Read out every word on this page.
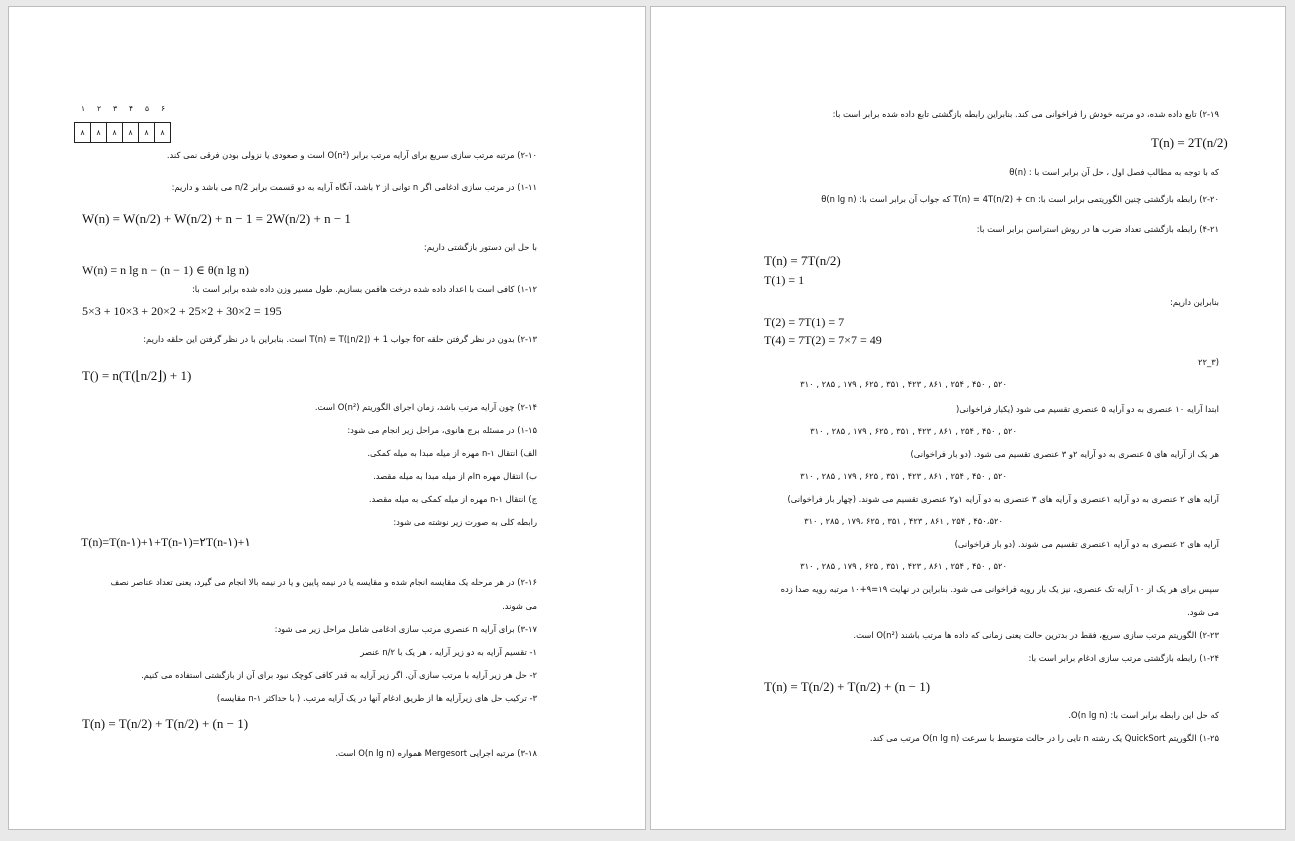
۱ ۲ ۳ ۴ ۵ ۶
۸	۸	۸	۸	۸	۸
۲-۱۰) مرتبه مرتب سازی سریع برای آرایه مرتب برابر O(n²) است و صعودی یا نزولی بودن فرقی نمی کند.
۱-۱۱) در مرتب سازی ادغامی اگر n توانی از ۲ باشد، آنگاه آرایه به دو قسمت برابر n/2 می باشد و داریم:
W(n) = W(n/2) + W(n/2) + n − 1 = 2W(n/2) + n − 1
با حل این دستور بازگشتی داریم:
W(n) = n lg n − (n − 1) ∈ θ(n lg n)
۱-۱۲) کافی است با اعداد داده شده درخت هافمن بسازیم. طول مسیر وزن داده شده برابر است با:
5×3 + 10×3 + 20×2 + 25×2 + 30×2 = 195
۲-۱۳) بدون در نظر گرفتن حلقه for جواب T(n) = T(⌊n/2⌋) + 1 است. بنابراین با در نظر گرفتن این حلقه داریم:
T() = n(T(⌊n/2⌋) + 1)
۲-۱۴) چون آرایه مرتب باشد، زمان اجرای الگوریتم O(n²) است.
۱-۱۵) در مسئله برج هانوی، مراحل زیر انجام می شود:
الف) انتقال n-۱ مهره از میله مبدا به میله کمکی.
ب) انتقال مهره nام از میله مبدا به میله مقصد.
ج) انتقال n-۱ مهره از میله کمکی به میله مقصد.
رابطه کلی به صورت زیر نوشته می شود:
T(n)=T(n-۱)+۱+T(n-۱)=۲T(n-۱)+۱
۲-۱۶) در هر مرحله یک مقایسه انجام شده و مقایسه یا در نیمه پایین و یا در نیمه بالا انجام می گیرد، یعنی تعداد عناصر نصف
می شوند.
۳-۱۷) برای آرایه n عنصری مرتب سازی ادغامی شامل مراحل زیر می شود:
۱- تقسیم آرایه به دو زیر آرایه ، هر یک با n/۲ عنصر
۲- حل هر زیر آرایه با مرتب سازی آن. اگر زیر آرایه به قدر کافی کوچک نبود برای آن از بازگشتی استفاده می کنیم.
۳- ترکیب حل های زیرآرایه ها از طریق ادغام آنها در یک آرایه مرتب. ( با حداکثر n-۱ مقایسه)
T(n) = T(n/2) + T(n/2) + (n − 1)
۳-۱۸) مرتبه اجرایی Mergesort همواره O(n lg n) است.
۲-۱۹) تابع داده شده، دو مرتبه خودش را فراخوانی می کند. بنابراین رابطه بازگشتی تابع داده شده برابر است با:
T(n) = 2T(n/2)
که با توجه به مطالب فصل اول ، حل آن برابر است با : θ(n)
۲-۲۰) رابطه بازگشتی چنین الگوریتمی برابر است با: T(n) = 4T(n/2) + cn که جواب آن برابر است با: θ(n lg n)
۴-۲۱) رابطه بازگشتی تعداد ضرب ها در روش استراسن برابر است با:
T(n) = 7T(n/2)
T(1) = 1
بنابراین داریم:
T(2) = 7T(1) = 7
T(4) = 7T(2) = 7×7 = 49
۲۲_۳)
۳۱۰ , ۲۸۵ , ۱۷۹ , ۶۲۵ , ۳۵۱ , ۴۲۳ , ۸۶۱ , ۲۵۴ , ۴۵۰ , ۵۲۰
ابتدا آرایه ۱۰ عنصری به دو آرایه ۵ عنصری تقسیم می شود (یکبار فراخوانی(
۳۱۰ , ۲۸۵ , ۱۷۹ , ۶۲۵ , ۳۵۱ , ۴۲۳ , ۸۶۱ , ۲۵۴ , ۴۵۰ , ۵۲۰
هر یک از آرایه های ۵ عنصری به دو آرایه ۲و ۳ عنصری تقسیم می شود. (دو بار فراخوانی)
۳۱۰ , ۲۸۵ , ۱۷۹ , ۶۲۵ , ۳۵۱ , ۴۲۳ , ۸۶۱ , ۲۵۴ , ۴۵۰ , ۵۲۰
آرایه های ۲ عنصری به دو آرایه ۱عنصری و آرایه های ۳ عنصری به دو آرایه ۱و۲ عنصری تقسیم می شوند. (چهار بار فراخوانی)
۳۱۰ , ۲۸۵ , ۱۷۹، ۶۲۵ , ۳۵۱ , ۴۲۳ , ۸۶۱ , ۲۵۴ , ۴۵۰،۵۲۰
آرایه های ۲ عنصری به دو آرایه ۱عنصری تقسیم می شوند. (دو بار فراخوانی)
۳۱۰ , ۲۸۵ , ۱۷۹ , ۶۲۵ , ۳۵۱ , ۴۲۳ , ۸۶۱ , ۲۵۴ , ۴۵۰ , ۵۲۰
سپس برای هر یک از ۱۰ آرایه تک عنصری، نیز یک بار رویه فراخوانی می شود. بنابراین در نهایت ۱۹=۹+۱۰ مرتبه رویه صدا زده
می شود.
۲-۲۳) الگوریتم مرتب سازی سریع، فقط در بدترین حالت یعنی زمانی که داده ها مرتب باشند O(n²) است.
۱-۲۴) رابطه بازگشتی مرتب سازی ادغام برابر است با:
T(n) = T(n/2) + T(n/2) + (n − 1)
که حل این رابطه برابر است با: O(n lg n).
۱-۲۵) الگوریتم QuickSort یک رشته n تایی را در حالت متوسط با سرعت O(n lg n) مرتب می کند.
